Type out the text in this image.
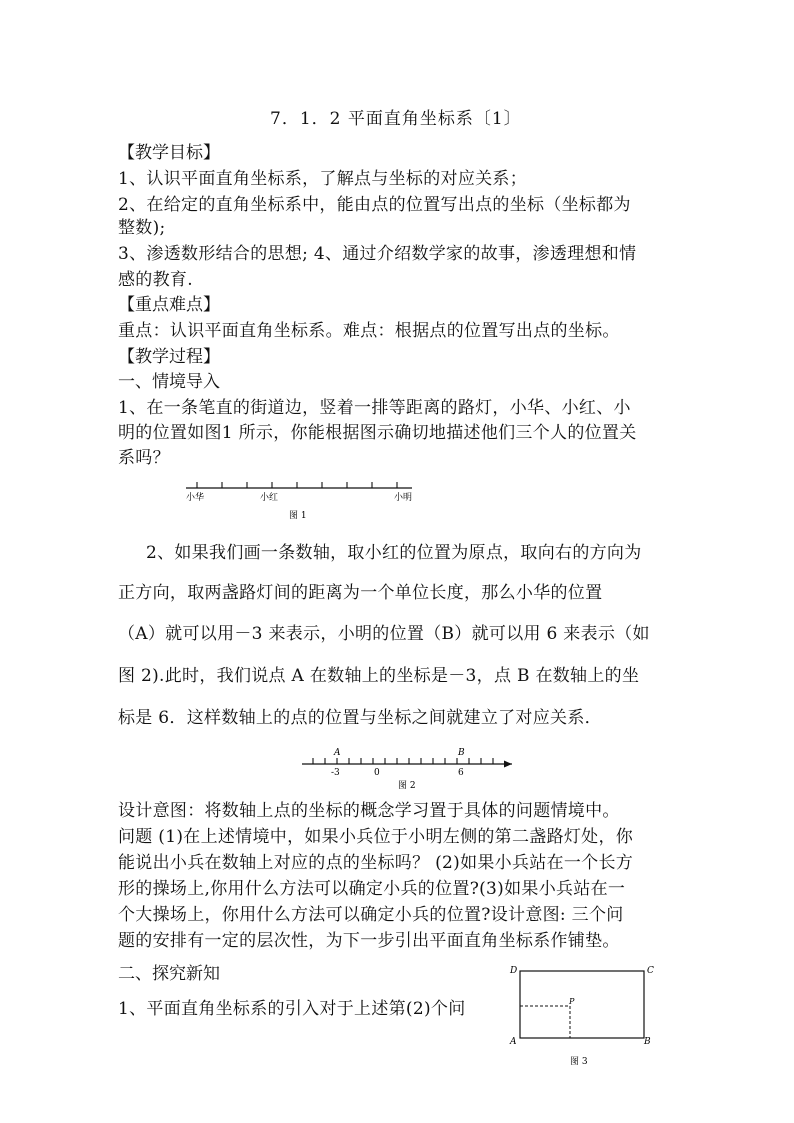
7．1．2 平面直角坐标系〔1〕
【教学目标】
1、认识平面直角坐标系，了解点与坐标的对应关系；
2、在给定的直角坐标系中，能由点的位置写出点的坐标（坐标都为
整数);
3、渗透数形结合的思想; 4、通过介绍数学家的故事，渗透理想和情
感的教育.
【重点难点】
重点：认识平面直角坐标系。难点：根据点的位置写出点的坐标。
【教学过程】
一、情境导入
1、在一条笔直的街道边，竖着一排等距离的路灯，小华、小红、小
明的位置如图1 所示，你能根据图示确切地描述他们三个人的位置关
系吗？
小华	小红	小明
图 1
2、如果我们画一条数轴，取小红的位置为原点，取向右的方向为
正方向，取两盏路灯间的距离为一个单位长度，那么小华的位置
（A）就可以用－3 来表示，小明的位置（B）就可以用 6 来表示（如
图 2).此时，我们说点 A 在数轴上的坐标是－3，点 B 在数轴上的坐
标是 6．这样数轴上的点的位置与坐标之间就建立了对应关系．
A	B
-3	0	6
图 2
设计意图：将数轴上点的坐标的概念学习置于具体的问题情境中。
问题 (1)在上述情境中，如果小兵位于小明左侧的第二盏路灯处，你
能说出小兵在数轴上对应的点的坐标吗？ (2)如果小兵站在一个长方
形的操场上,你用什么方法可以确定小兵的位置?(3)如果小兵站在一
个大操场上，你用什么方法可以确定小兵的位置?设计意图: 三个问
题的安排有一定的层次性，为下一步引出平面直角坐标系作铺垫。
二、探究新知
1、平面直角坐标系的引入对于上述第(2)个问
D	C
P
A	B
图 3
